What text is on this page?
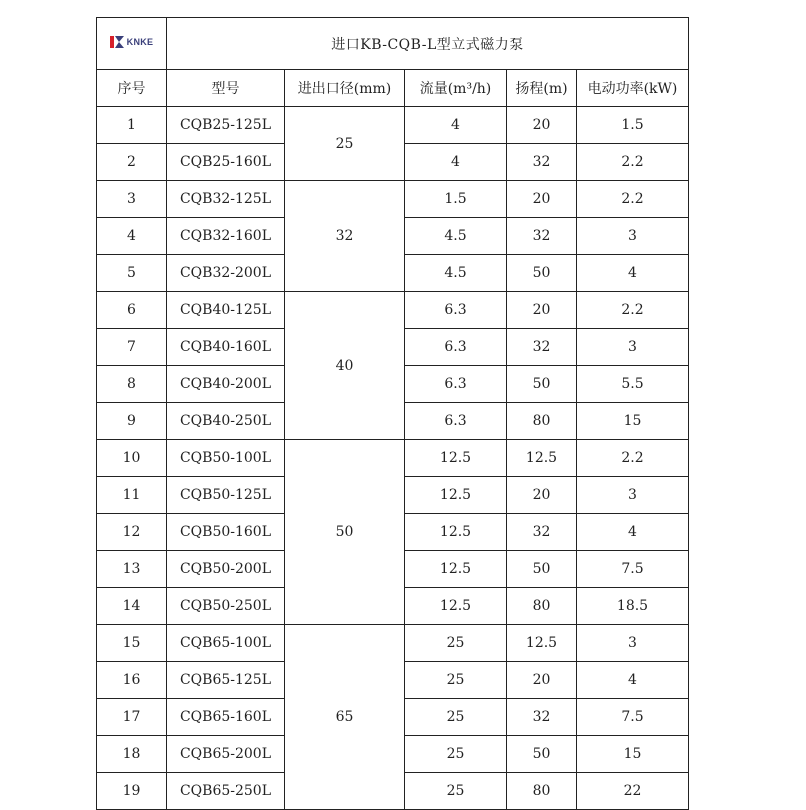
KNKE	进口KB-CQB-L型立式磁力泵				
序号	型号	进出口径(mm)	流量(m³/h)	扬程(m)	电动功率(kW)
1	CQB25-125L	25	4	20	1.5
2	CQB25-160L		4	32	2.2
3	CQB32-125L	32	1.5	20	2.2
4	CQB32-160L		4.5	32	3
5	CQB32-200L		4.5	50	4
6	CQB40-125L	40	6.3	20	2.2
7	CQB40-160L		6.3	32	3
8	CQB40-200L		6.3	50	5.5
9	CQB40-250L		6.3	80	15
10	CQB50-100L	50	12.5	12.5	2.2
11	CQB50-125L		12.5	20	3
12	CQB50-160L		12.5	32	4
13	CQB50-200L		12.5	50	7.5
14	CQB50-250L		12.5	80	18.5
15	CQB65-100L	65	25	12.5	3
16	CQB65-125L		25	20	4
17	CQB65-160L		25	32	7.5
18	CQB65-200L		25	50	15
19	CQB65-250L		25	80	22
